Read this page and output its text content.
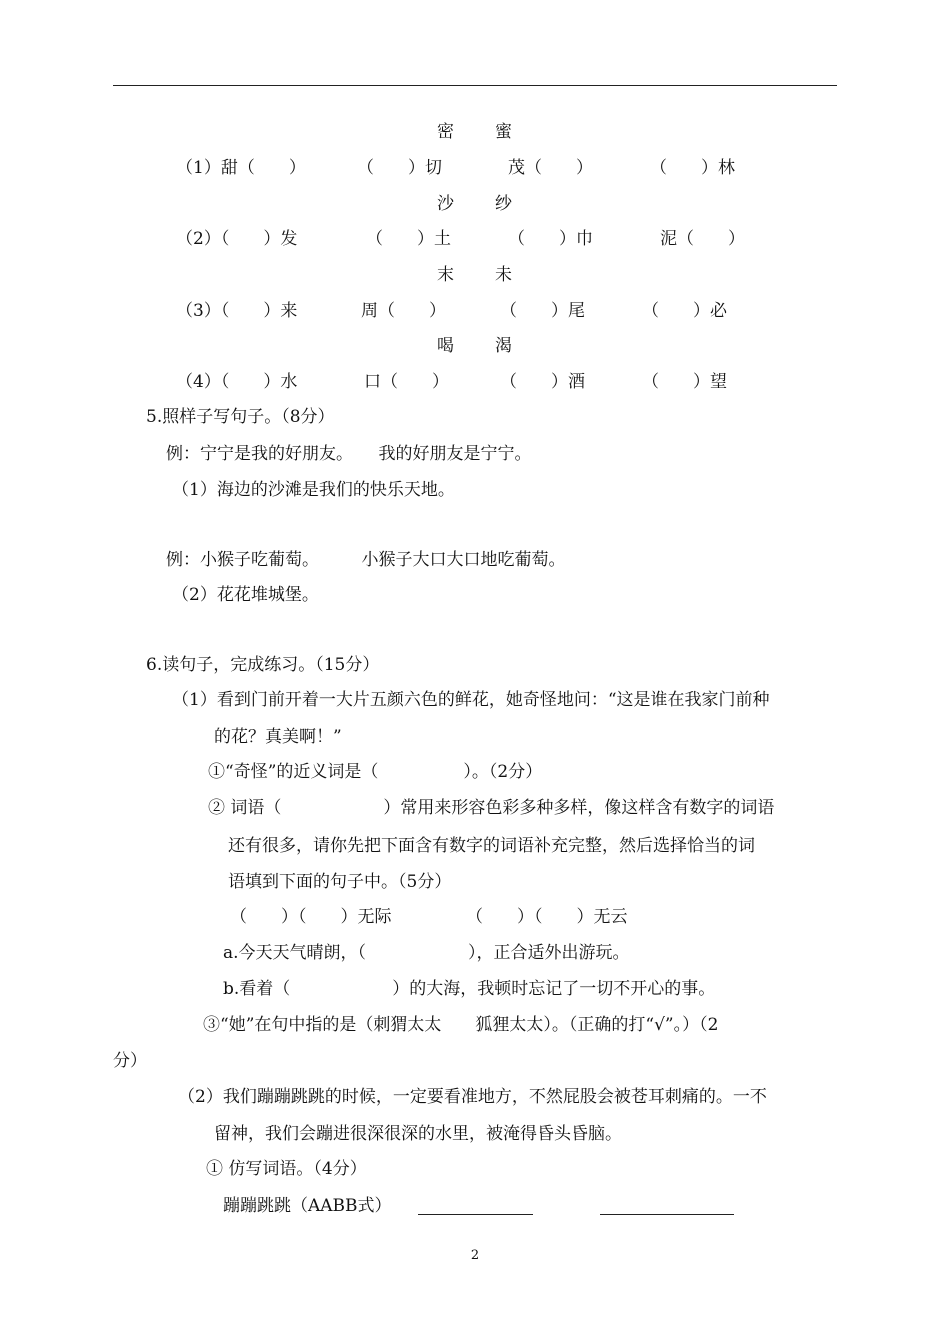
密 蜜
（1）甜（　　）	（　　）切	茂（　　）	（　　）林
沙 纱
（2）（　　）发	（　　）土	（　　）巾	泥（　　）
末 未
（3）（　　）来	周（　　）	（　　）尾	（　　）必
喝 渴
（4）（　　）水	口（　　）	（　　）酒	（　　）望
5.照样子写句子。（8分）
例：宁宁是我的好朋友。　　我的好朋友是宁宁。
（1）海边的沙滩是我们的快乐天地。
例：小猴子吃葡萄。　　　小猴子大口大口地吃葡萄。
（2）花花堆城堡。
6.读句子，完成练习。（15分）
（1）看到门前开着一大片五颜六色的鲜花，她奇怪地问：“这是谁在我家门前种
的花？真美啊！”
①“奇怪”的近义词是（　　　　　）。（2分）
② 词语（　　　　　　）常用来形容色彩多种多样，像这样含有数字的词语
还有很多，请你先把下面含有数字的词语补充完整，然后选择恰当的词
语填到下面的句子中。（5分）
（　　）（　　）无际	（　　）（　　）无云
a.今天天气晴朗，（　　　　　　），正合适外出游玩。
b.看着（　　　　　　）的大海，我顿时忘记了一切不开心的事。
③“她”在句中指的是（刺猬太太　　狐狸太太）。（正确的打“√”。）（2
分）
（2）我们蹦蹦跳跳的时候，一定要看准地方，不然屁股会被苍耳刺痛的。一不
留神，我们会蹦进很深很深的水里，被淹得昏头昏脑。
① 仿写词语。（4分）
蹦蹦跳跳（AABB式）
2
